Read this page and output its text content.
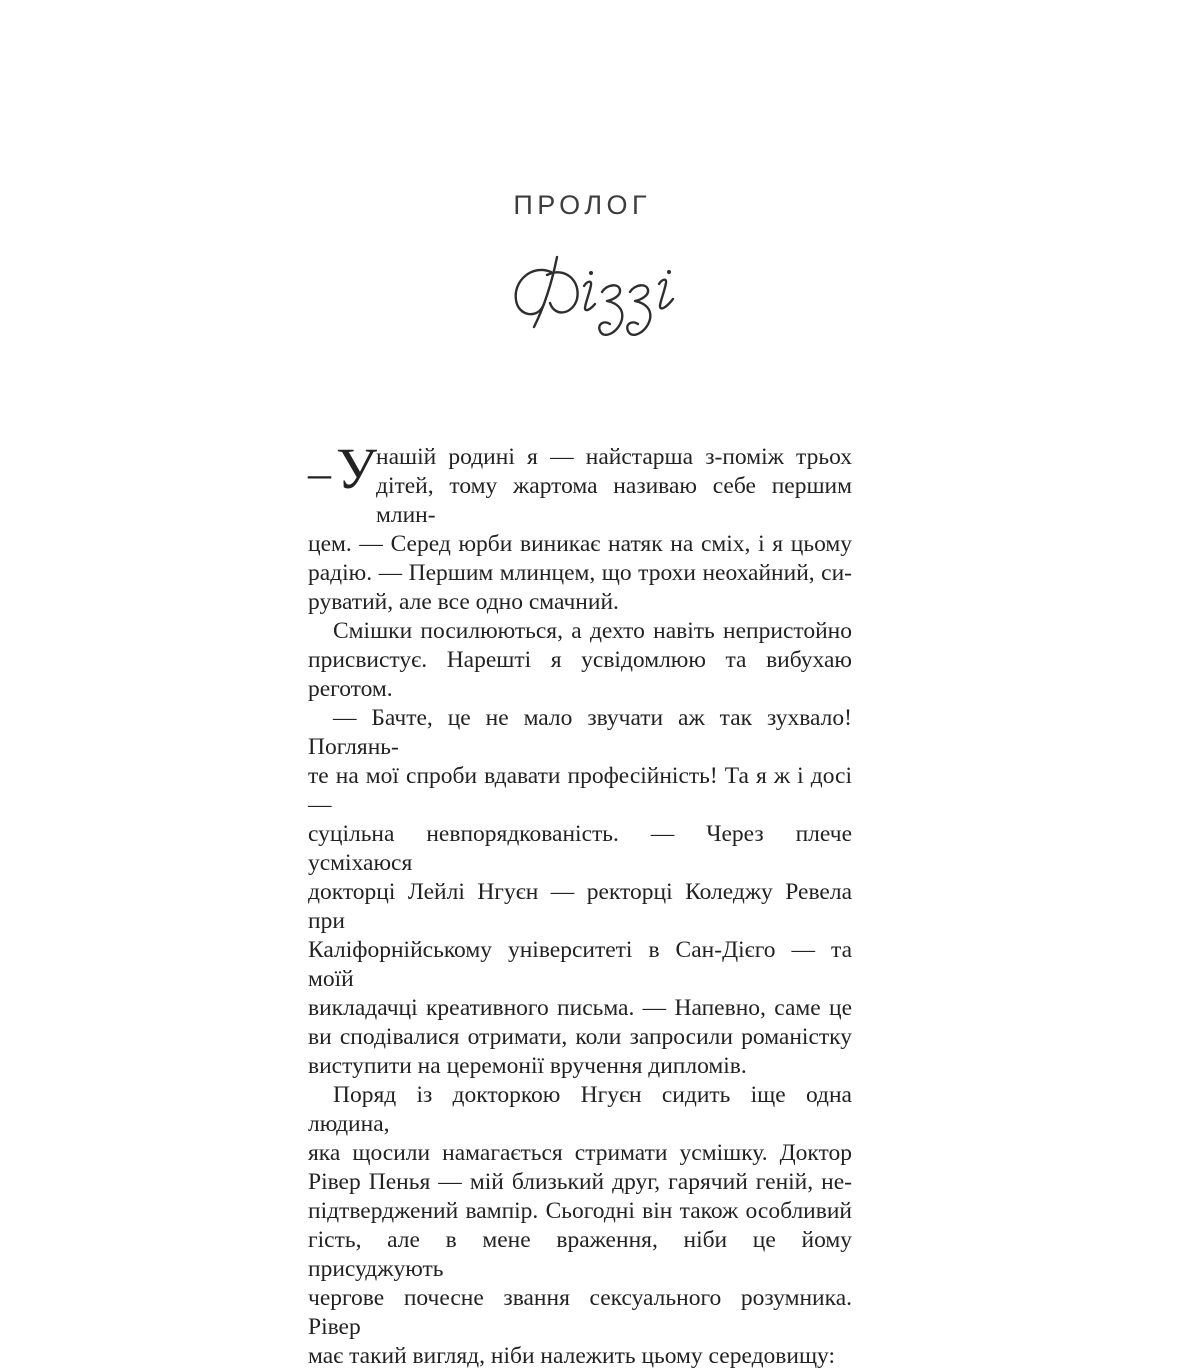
ПРОЛОГ
– У
нашій родині я — найстарша з-поміж трьох
дітей, тому жартома називаю себе першим млин-
цем. — Серед юрби виникає натяк на сміх, і я цьому
радію. — Першим млинцем, що трохи неохайний, си-
руватий, але все одно смачний.
Смішки посилюються, а дехто навіть непристойно
присвистує. Нарешті я усвідомлюю та вибухаю реготом.
— Бачте, це не мало звучати аж так зухвало! Поглянь-
те на мої спроби вдавати професійність! Та я ж і досі —
суцільна невпорядкованість. — Через плече усміхаюся
докторці Лейлі Нгуєн — ректорці Коледжу Ревела при
Каліфорнійському університеті в Сан-Дієго — та моїй
викладачці креативного письма. — Напевно, саме це
ви сподівалися отримати, коли запросили романістку
виступити на церемонії вручення дипломів.
Поряд із докторкою Нгуєн сидить іще одна людина,
яка щосили намагається стримати усмішку. Доктор
Рівер Пенья — мій близький друг, гарячий геній, не-
підтверджений вампір. Сьогодні він також особливий
гість, але в мене враження, ніби це йому присуджують
чергове почесне звання сексуального розумника. Рівер
має такий вигляд, ніби належить цьому середовищу:
